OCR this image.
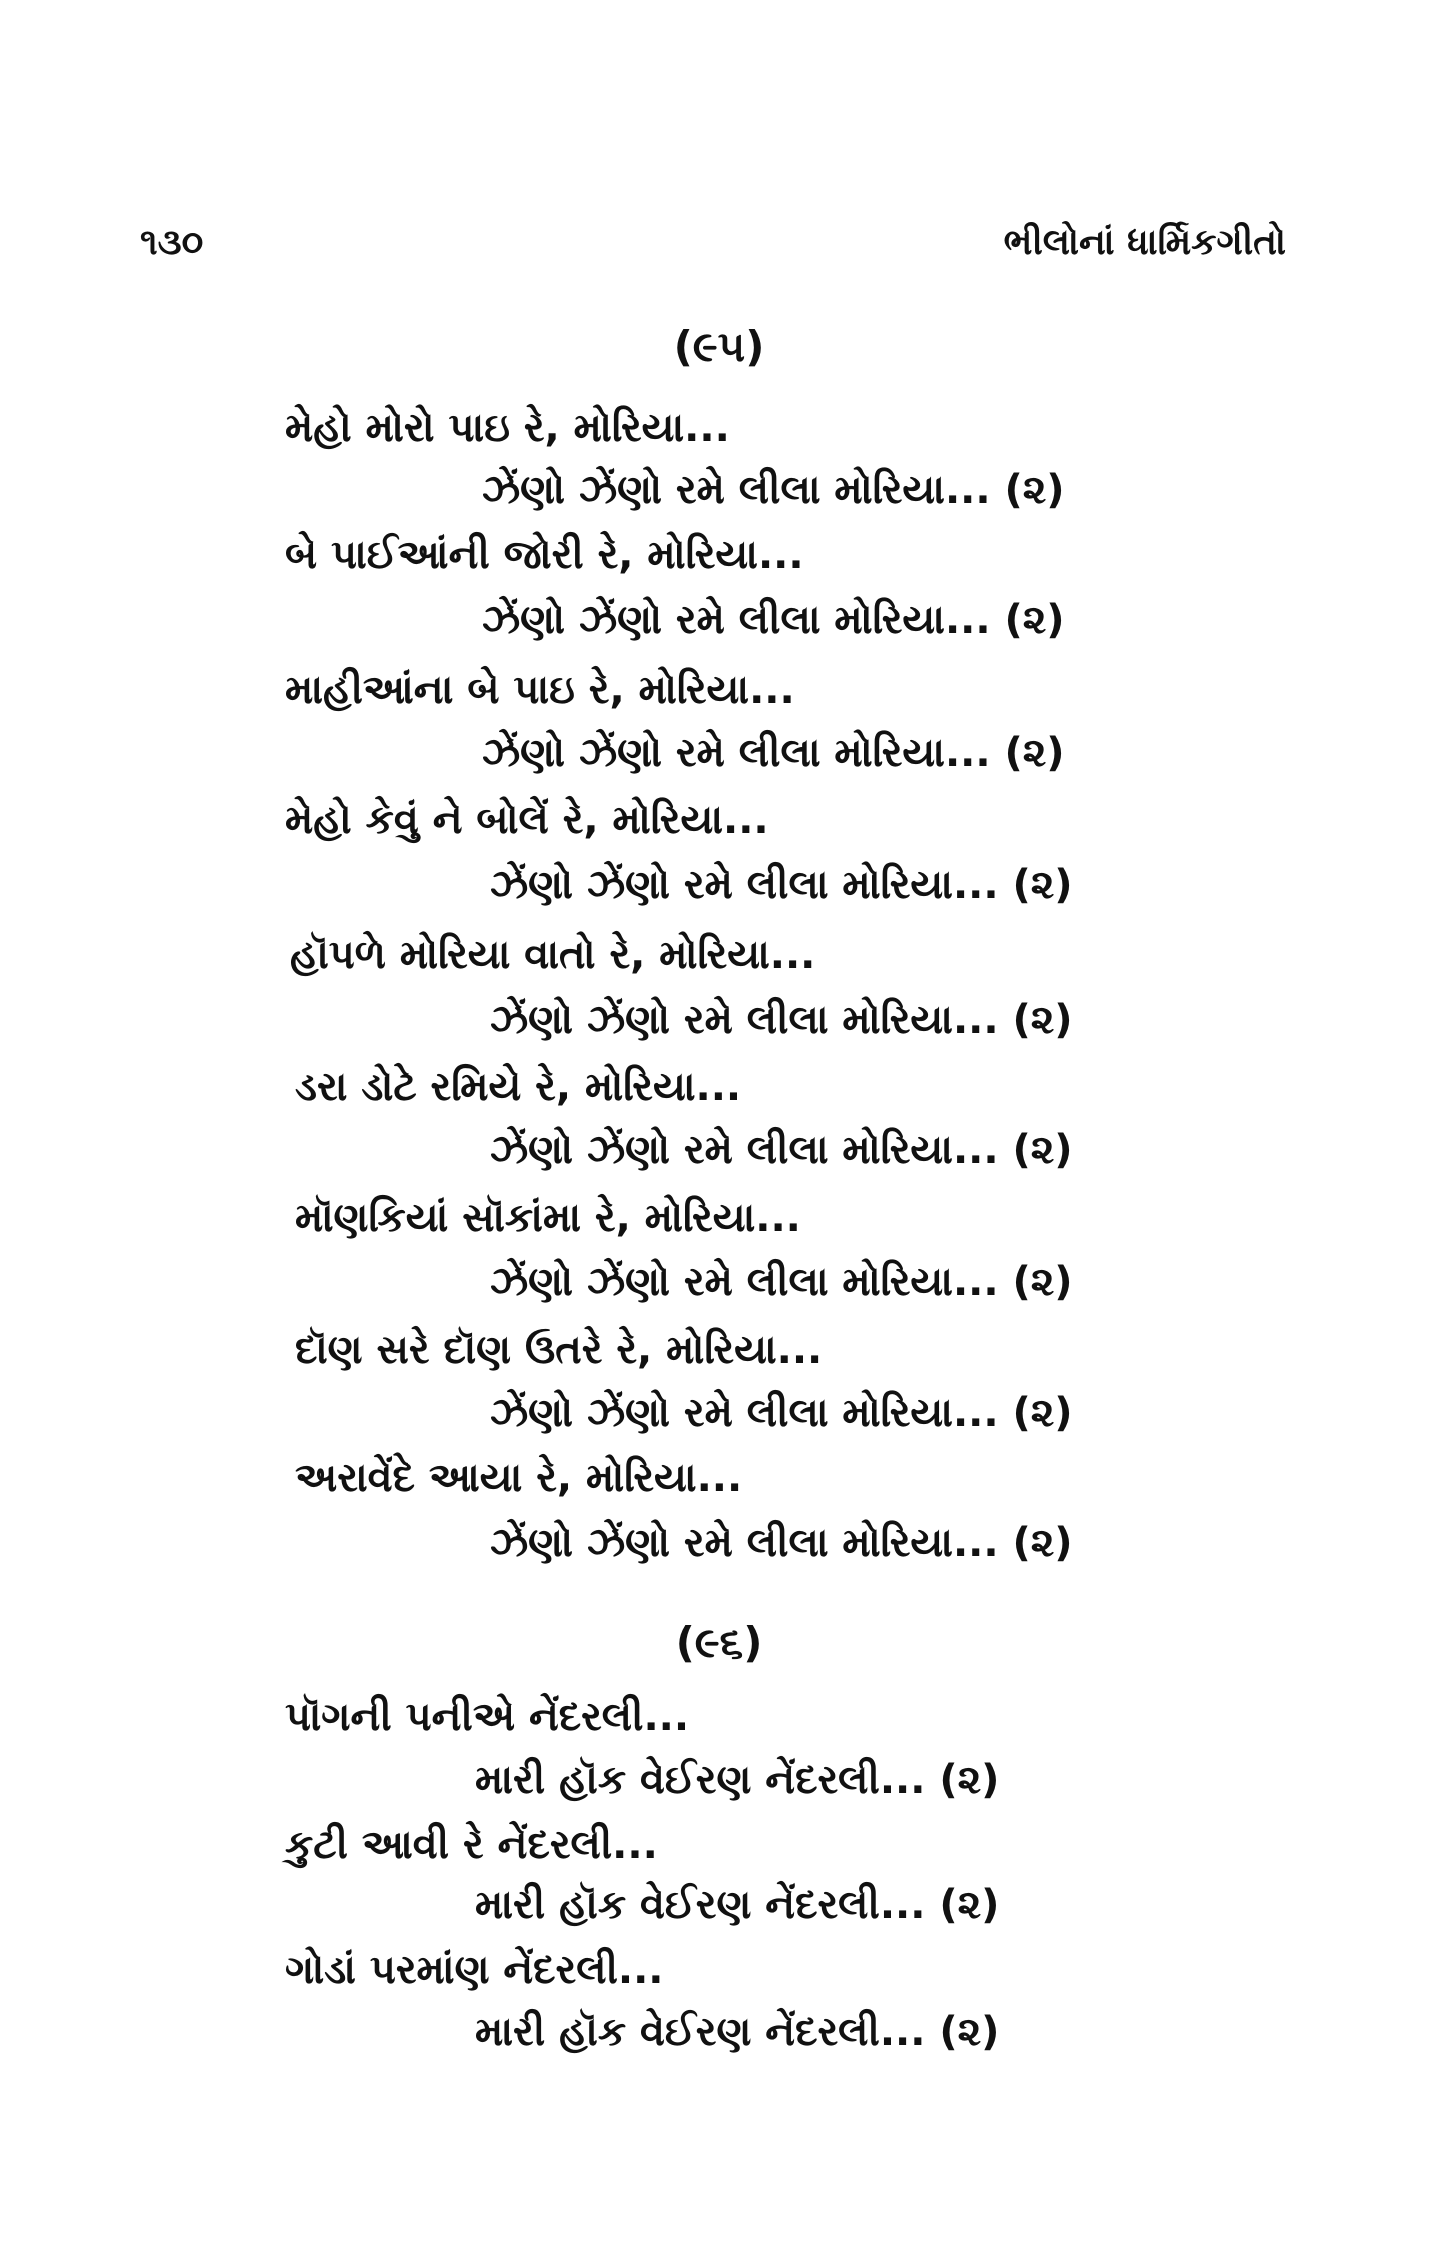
૧૩૦	ભીલોનાં ધાર્મિકગીતો
(૯૫)
મેહો મોરો પાઇ રે, મોરિયા...
ઝેંણો ઝેંણો રમે લીલા મોરિયા... (૨)
બે પાઈઆંની જોરી રે, મોરિયા...
ઝેંણો ઝેંણો રમે લીલા મોરિયા... (૨)
માહીઆંના બે પાઇ રે, મોરિયા...
ઝેંણો ઝેંણો રમે લીલા મોરિયા... (૨)
મેહો કેવું ને બોલેં રે, મોરિયા...
ઝેંણો ઝેંણો રમે લીલા મોરિયા... (૨)
હૉપળે મોરિયા વાતો રે, મોરિયા...
ઝેંણો ઝેંણો રમે લીલા મોરિયા... (૨)
ડરા ડોટે રમિયે રે, મોરિયા...
ઝેંણો ઝેંણો રમે લીલા મોરિયા... (૨)
મૉણકિયાં સૉકાંમા રે, મોરિયા...
ઝેંણો ઝેંણો રમે લીલા મોરિયા... (૨)
દૉણ સરે દૉણ ઉતરે રે, મોરિયા...
ઝેંણો ઝેંણો રમે લીલા મોરિયા... (૨)
અરાવેંદે આયા રે, મોરિયા...
ઝેંણો ઝેંણો રમે લીલા મોરિયા... (૨)
(૯૬)
પૉગની પનીએ નેંદરલી...
મારી હૉક વેઈરણ નેંદરલી... (૨)
કુટી આવી રે નેંદરલી...
મારી હૉક વેઈરણ નેંદરલી... (૨)
ગોડાં પરમાંણ નેંદરલી...
મારી હૉક વેઈરણ નેંદરલી... (૨)
